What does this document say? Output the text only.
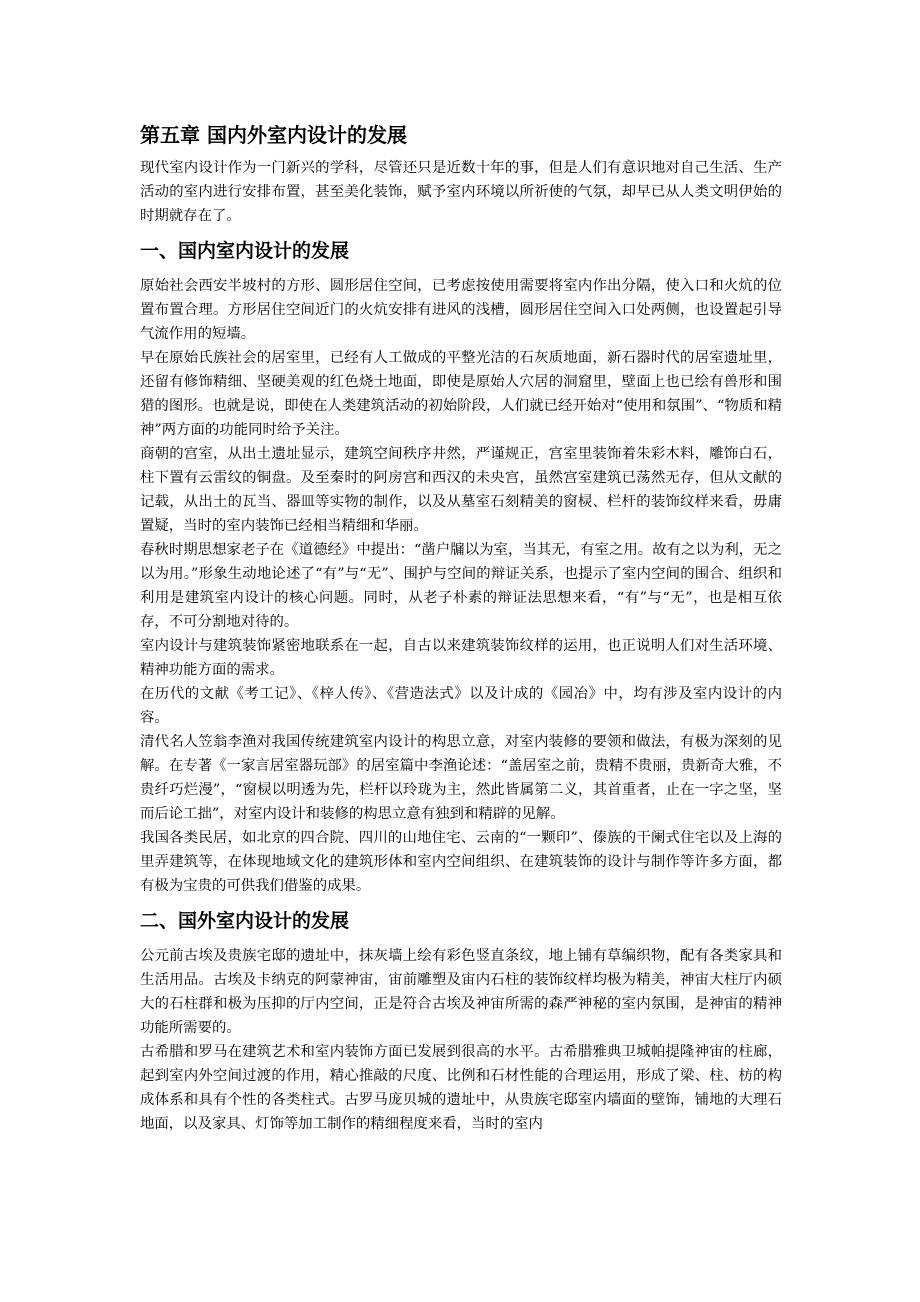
第五章 国内外室内设计的发展

现代室内设计作为一门新兴的学科，尽管还只是近数十年的事，但是人们有意识地对自己生活、生产活动的室内进行安排布置，甚至美化装饰，赋予室内环境以所祈使的气氛，却早已从人类文明伊始的时期就存在了。

一、国内室内设计的发展

原始社会西安半坡村的方形、圆形居住空间，已考虑按使用需要将室内作出分隔，使入口和火炕的位置布置合理。方形居住空间近门的火炕安排有进风的浅槽，圆形居住空间入口处两侧，也设置起引导气流作用的短墙。

早在原始氏族社会的居室里，已经有人工做成的平整光洁的石灰质地面，新石器时代的居室遗址里，还留有修饰精细、坚硬美观的红色烧土地面，即使是原始人穴居的洞窟里，壁面上也已绘有兽形和围猎的图形。也就是说，即使在人类建筑活动的初始阶段，人们就已经开始对“使用和氛围”、“物质和精神”两方面的功能同时给予关注。

商朝的宫室，从出土遗址显示，建筑空间秩序井然，严谨规正，宫室里装饰着朱彩木料，雕饰白石，柱下置有云雷纹的铜盘。及至秦时的阿房宫和西汉的未央宫，虽然宫室建筑已荡然无存，但从文献的记载，从出土的瓦当、器皿等实物的制作，以及从墓室石刻精美的窗棂、栏杆的装饰纹样来看，毋庸置疑，当时的室内装饰已经相当精细和华丽。

春秋时期思想家老子在《道德经》中提出：“凿户牖以为室，当其无，有室之用。故有之以为利，无之以为用。”形象生动地论述了“有”与“无”、围护与空间的辩证关系，也提示了室内空间的围合、组织和利用是建筑室内设计的核心问题。同时，从老子朴素的辩证法思想来看，“有”与“无”，也是相互依存，不可分割地对待的。

室内设计与建筑装饰紧密地联系在一起，自古以来建筑装饰纹样的运用，也正说明人们对生活环境、精神功能方面的需求。

在历代的文献《考工记》、《梓人传》、《营造法式》以及计成的《园冶》中，均有涉及室内设计的内容。

清代名人笠翁李渔对我国传统建筑室内设计的构思立意，对室内装修的要领和做法，有极为深刻的见解。在专著《一家言居室器玩部》的居室篇中李渔论述：“盖居室之前，贵精不贵丽，贵新奇大雅，不贵纤巧烂漫”，“窗棂以明透为先，栏杆以玲珑为主，然此皆属第二义，其首重者，止在一字之坚，坚而后论工拙”，对室内设计和装修的构思立意有独到和精辟的见解。

我国各类民居，如北京的四合院、四川的山地住宅、云南的“一颗印”、傣族的干阑式住宅以及上海的里弄建筑等，在体现地域文化的建筑形体和室内空间组织、在建筑装饰的设计与制作等许多方面，都有极为宝贵的可供我们借鉴的成果。

二、国外室内设计的发展

公元前古埃及贵族宅邸的遗址中，抹灰墙上绘有彩色竖直条纹，地上铺有草编织物，配有各类家具和生活用品。古埃及卡纳克的阿蒙神宙，宙前雕塑及宙内石柱的装饰纹样均极为精美，神宙大柱厅内硕大的石柱群和极为压抑的厅内空间，正是符合古埃及神宙所需的森严神秘的室内氛围，是神宙的精神功能所需要的。

古希腊和罗马在建筑艺术和室内装饰方面已发展到很高的水平。古希腊雅典卫城帕提隆神宙的柱廊，起到室内外空间过渡的作用，精心推敲的尺度、比例和石材性能的合理运用，形成了梁、柱、枋的构成体系和具有个性的各类柱式。古罗马庞贝城的遗址中，从贵族宅邸室内墙面的壁饰，铺地的大理石地面，以及家具、灯饰等加工制作的精细程度来看，当时的室内
